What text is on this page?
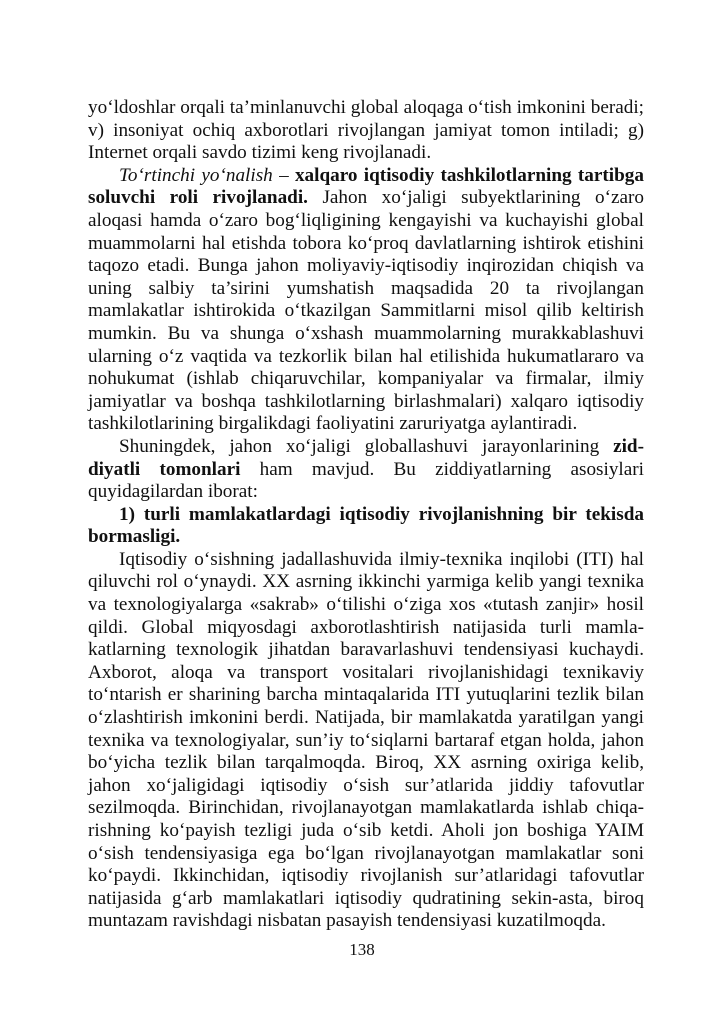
yo‘ldoshlar orqali ta’minlanuvchi global aloqaga o‘tish imkonini beradi; v) insoniyat ochiq axborotlari rivojlangan jamiyat tomon intiladi; g) Internet orqali savdo tizimi keng rivojlanadi.

To‘rtinchi yo‘nalish – xalqaro iqtisodiy tashkilotlarning tartibga soluvchi roli rivojlanadi. Jahon xo‘jaligi subyektlarining o‘zaro aloqasi hamda o‘zaro bog‘liqligining kengayishi va kuchayishi global muammolarni hal etishda tobora ko‘proq davlatlarning ishtirok etishini taqozo etadi. Bunga jahon moliyaviy-iqtisodiy inqirozidan chiqish va uning salbiy ta’sirini yumshatish maqsadida 20 ta rivojlangan mamlakatlar ishtirokida o‘tkazilgan Sammitlarni misol qilib keltirish mumkin. Bu va shunga o‘xshash muammolarning murakkablashuvi ularning o‘z vaqtida va tezkorlik bilan hal etilishida hukumatlararo va nohukumat (ishlab chiqaruvchilar, kompaniyalar va firmalar, ilmiy jamiyatlar va boshqa tashkilotlarning birlashmalari) xalqaro iqtisodiy tashkilotlarining birgalikdagi faoliyatini zaruriyatga aylantiradi.

Shuningdek, jahon xo‘jaligi globallashuvi jarayonlarining ziddiyatli tomonlari ham mavjud. Bu ziddiyatlarning asosiylari quyidagilardan iborat:

1) turli mamlakatlardagi iqtisodiy rivojlanishning bir tekisda bormasligi.

Iqtisodiy o‘sishning jadallashuvida ilmiy-texnika inqilobi (ITI) hal qiluvchi rol o‘ynaydi. XX asrning ikkinchi yarmiga kelib yangi texnika va texnologiyalarga «sakrab» o‘tilishi o‘ziga xos «tutash zanjir» hosil qildi. Global miqyosdagi axborotlashtirish natijasida turli mamlakatlarning texnologik jihatdan baravarlashuvi tendensiyasi kuchaydi. Axborot, aloqa va transport vositalari rivojlanishidagi texnikaviy to‘ntarish er sharining barcha mintaqalarida ITI yutuqlarini tezlik bilan o‘zlashtirish imkonini berdi. Natijada, bir mamlakatda yaratilgan yangi texnika va texnologiyalar, sun’iy to‘siqlarni bartaraf etgan holda, jahon bo‘yicha tezlik bilan tarqalmoqda. Biroq, XX asrning oxiriga kelib, jahon xo‘jaligidagi iqtisodiy o‘sish sur’atlarida jiddiy tafovutlar sezilmoqda. Birinchidan, rivojlanayotgan mamlakatlarda ishlab chiqarishning ko‘payish tezligi juda o‘sib ketdi. Aholi jon boshiga YAIM o‘sish tendensiyasiga ega bo‘lgan rivojlanayotgan mamlakatlar soni ko‘paydi. Ikkinchidan, iqtisodiy rivojlanish sur’atlaridagi tafovutlar natijasida g‘arb mamlakatlari iqtisodiy qudratining sekin-asta, biroq muntazam ravishdagi nisbatan pasayish tendensiyasi kuzatilmoqda.

138
